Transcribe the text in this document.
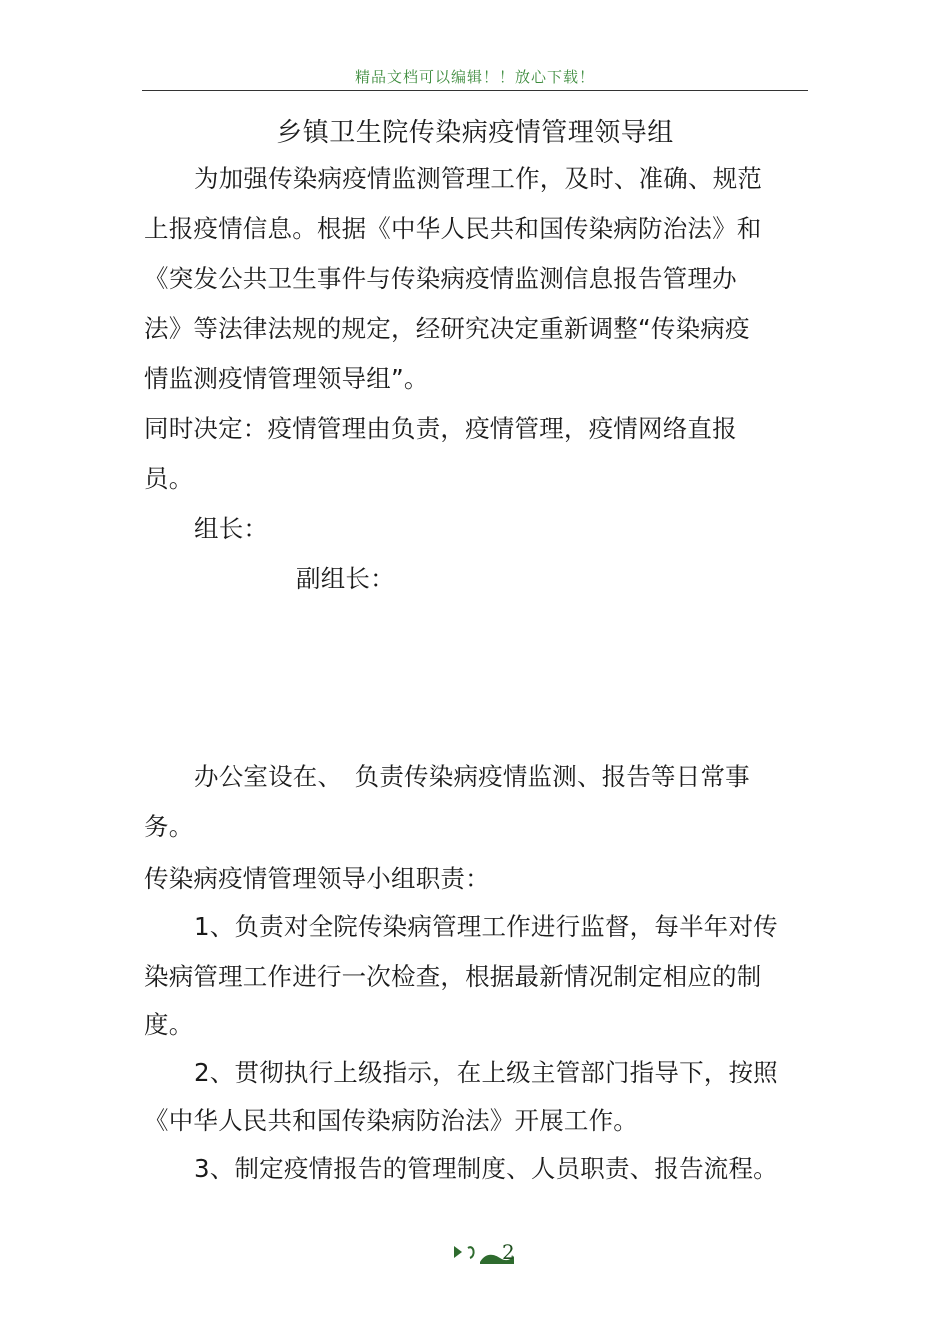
精品文档可以编辑！！放心下载！
乡镇卫生院传染病疫情管理领导组
为加强传染病疫情监测管理工作，及时、准确、规范
上报疫情信息。根据《中华人民共和国传染病防治法》和
《突发公共卫生事件与传染病疫情监测信息报告管理办
法》等法律法规的规定，经研究决定重新调整“传染病疫
情监测疫情管理领导组”。
同时决定：疫情管理由负责，疫情管理，疫情网络直报
员。
组长：
副组长：
办公室设在、　负责传染病疫情监测、报告等日常事
务。
传染病疫情管理领导小组职责：
1、负责对全院传染病管理工作进行监督，每半年对传
染病管理工作进行一次检查，根据最新情况制定相应的制
度。
2、贯彻执行上级指示，在上级主管部门指导下，按照
《中华人民共和国传染病防治法》开展工作。
3、制定疫情报告的管理制度、人员职责、报告流程。
2
